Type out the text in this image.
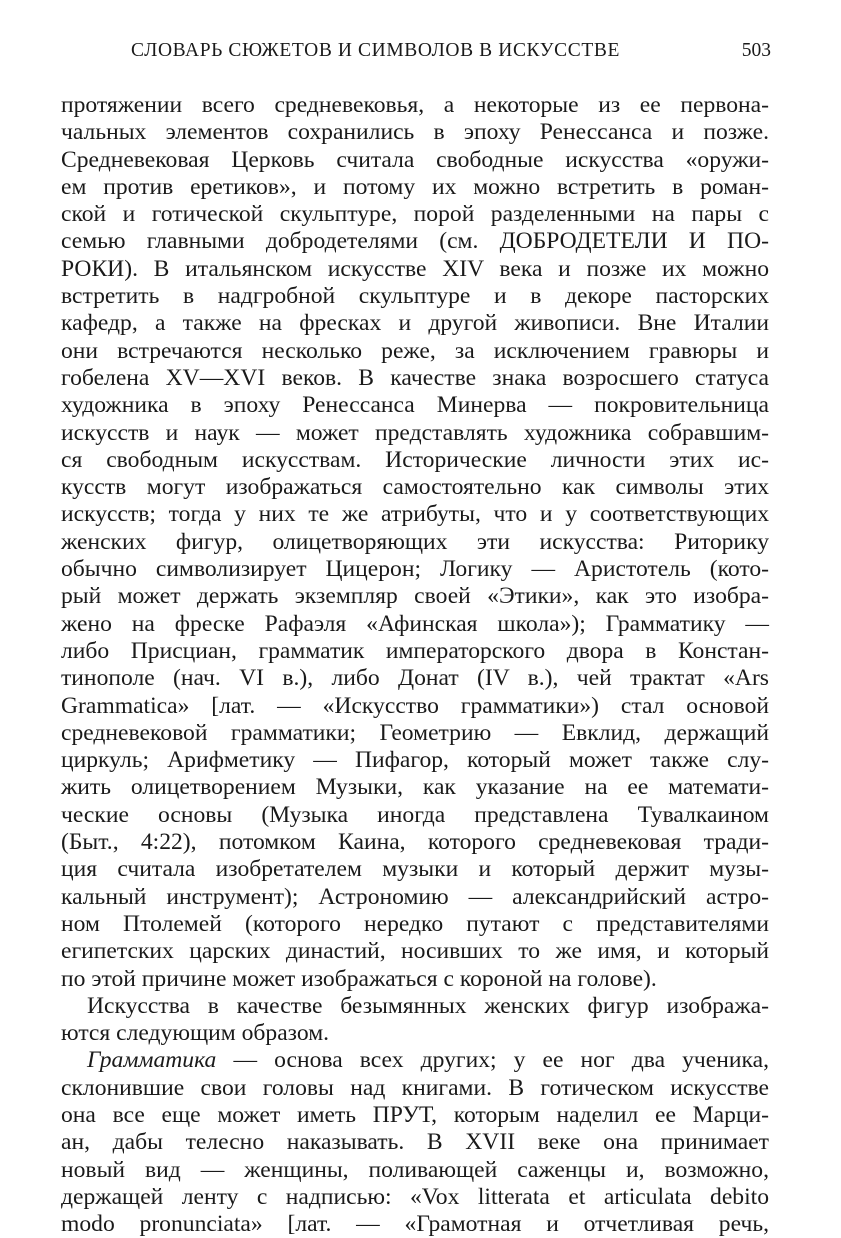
СЛОВАРЬ СЮЖЕТОВ И СИМВОЛОВ В ИСКУССТВЕ	503
протяжении всего средневековья, а некоторые из ее первона-
чальных элементов сохранились в эпоху Ренессанса и позже.
Средневековая Церковь считала свободные искусства «оружи-
ем против еретиков», и потому их можно встретить в роман-
ской и готической скульптуре, порой разделенными на пары с
семью главными добродетелями (см. ДОБРОДЕТЕЛИ И ПО-
РОКИ). В итальянском искусстве XIV века и позже их можно
встретить в надгробной скульптуре и в декоре пасторских
кафедр, а также на фресках и другой живописи. Вне Италии
они встречаются несколько реже, за исключением гравюры и
гобелена XV—XVI веков. В качестве знака возросшего статуса
художника в эпоху Ренессанса Минерва — покровительница
искусств и наук — может представлять художника собравшим-
ся свободным искусствам. Исторические личности этих ис-
кусств могут изображаться самостоятельно как символы этих
искусств; тогда у них те же атрибуты, что и у соответствующих
женских фигур, олицетворяющих эти искусства: Риторику
обычно символизирует Цицерон; Логику — Аристотель (кото-
рый может держать экземпляр своей «Этики», как это изобра-
жено на фреске Рафаэля «Афинская школа»); Грамматику —
либо Присциан, грамматик императорского двора в Констан-
тинополе (нач. VI в.), либо Донат (IV в.), чей трактат «Ars
Grammatica» [лат. — «Искусство грамматики») стал основой
средневековой грамматики; Геометрию — Евклид, держащий
циркуль; Арифметику — Пифагор, который может также слу-
жить олицетворением Музыки, как указание на ее математи-
ческие основы (Музыка иногда представлена Тувалкаином
(Быт., 4:22), потомком Каина, которого средневековая тради-
ция считала изобретателем музыки и который держит музы-
кальный инструмент); Астрономию — александрийский астро-
ном Птолемей (которого нередко путают с представителями
египетских царских династий, носивших то же имя, и который
по этой причине может изображаться с короной на голове).
Искусства в качестве безымянных женских фигур изобража-
ются следующим образом.
Грамматика — основа всех других; у ее ног два ученика,
склонившие свои головы над книгами. В готическом искусстве
она все еще может иметь ПРУТ, которым наделил ее Марци-
ан, дабы телесно наказывать. В XVII веке она принимает
новый вид — женщины, поливающей саженцы и, возможно,
держащей ленту с надписью: «Vox litterata et articulata debito
modo pronunciata» [лат. — «Грамотная и отчетливая речь,
